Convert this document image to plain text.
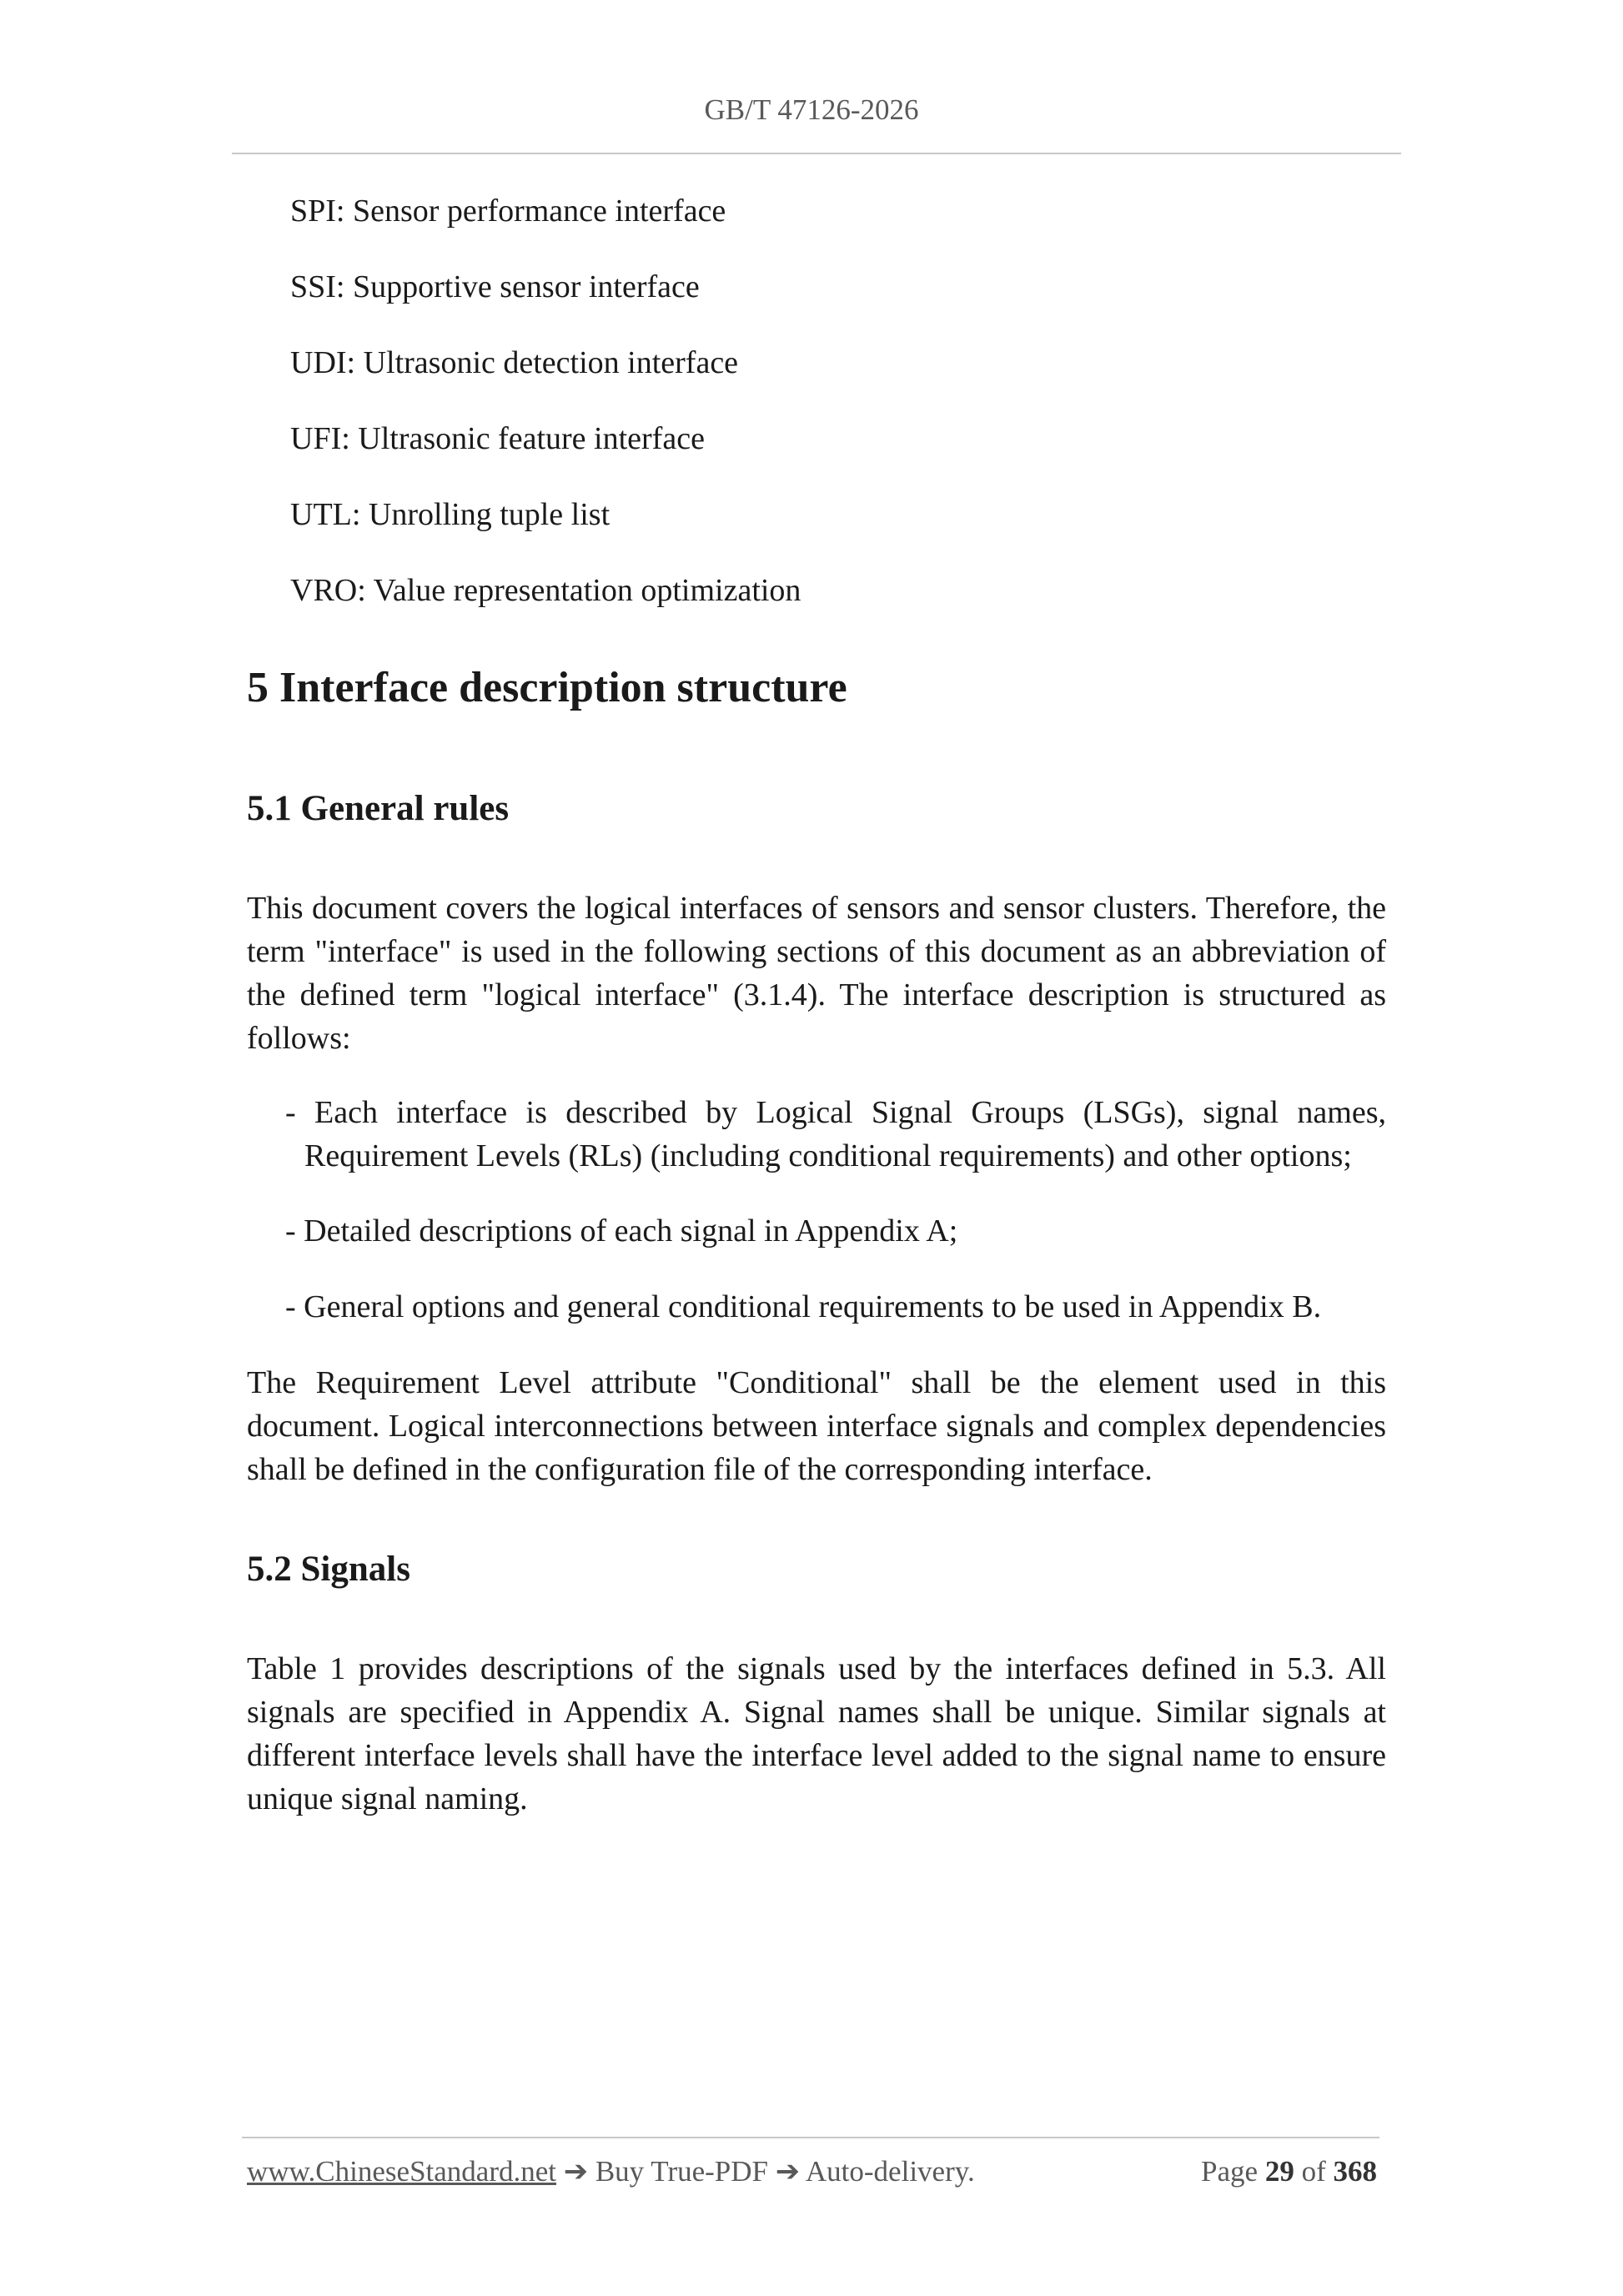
GB/T 47126-2026
SPI: Sensor performance interface
SSI: Supportive sensor interface
UDI: Ultrasonic detection interface
UFI: Ultrasonic feature interface
UTL: Unrolling tuple list
VRO: Value representation optimization
5 Interface description structure
5.1 General rules
This document covers the logical interfaces of sensors and sensor clusters. Therefore, the term "interface" is used in the following sections of this document as an abbreviation of the defined term "logical interface" (3.1.4). The interface description is structured as follows:
- Each interface is described by Logical Signal Groups (LSGs), signal names, Requirement Levels (RLs) (including conditional requirements) and other options;
- Detailed descriptions of each signal in Appendix A;
- General options and general conditional requirements to be used in Appendix B.
The Requirement Level attribute "Conditional" shall be the element used in this document. Logical interconnections between interface signals and complex dependencies shall be defined in the configuration file of the corresponding interface.
5.2 Signals
Table 1 provides descriptions of the signals used by the interfaces defined in 5.3. All signals are specified in Appendix A. Signal names shall be unique. Similar signals at different interface levels shall have the interface level added to the signal name to ensure unique signal naming.
www.ChineseStandard.net ➔ Buy True-PDF ➔ Auto-delivery.	Page 29 of 368
